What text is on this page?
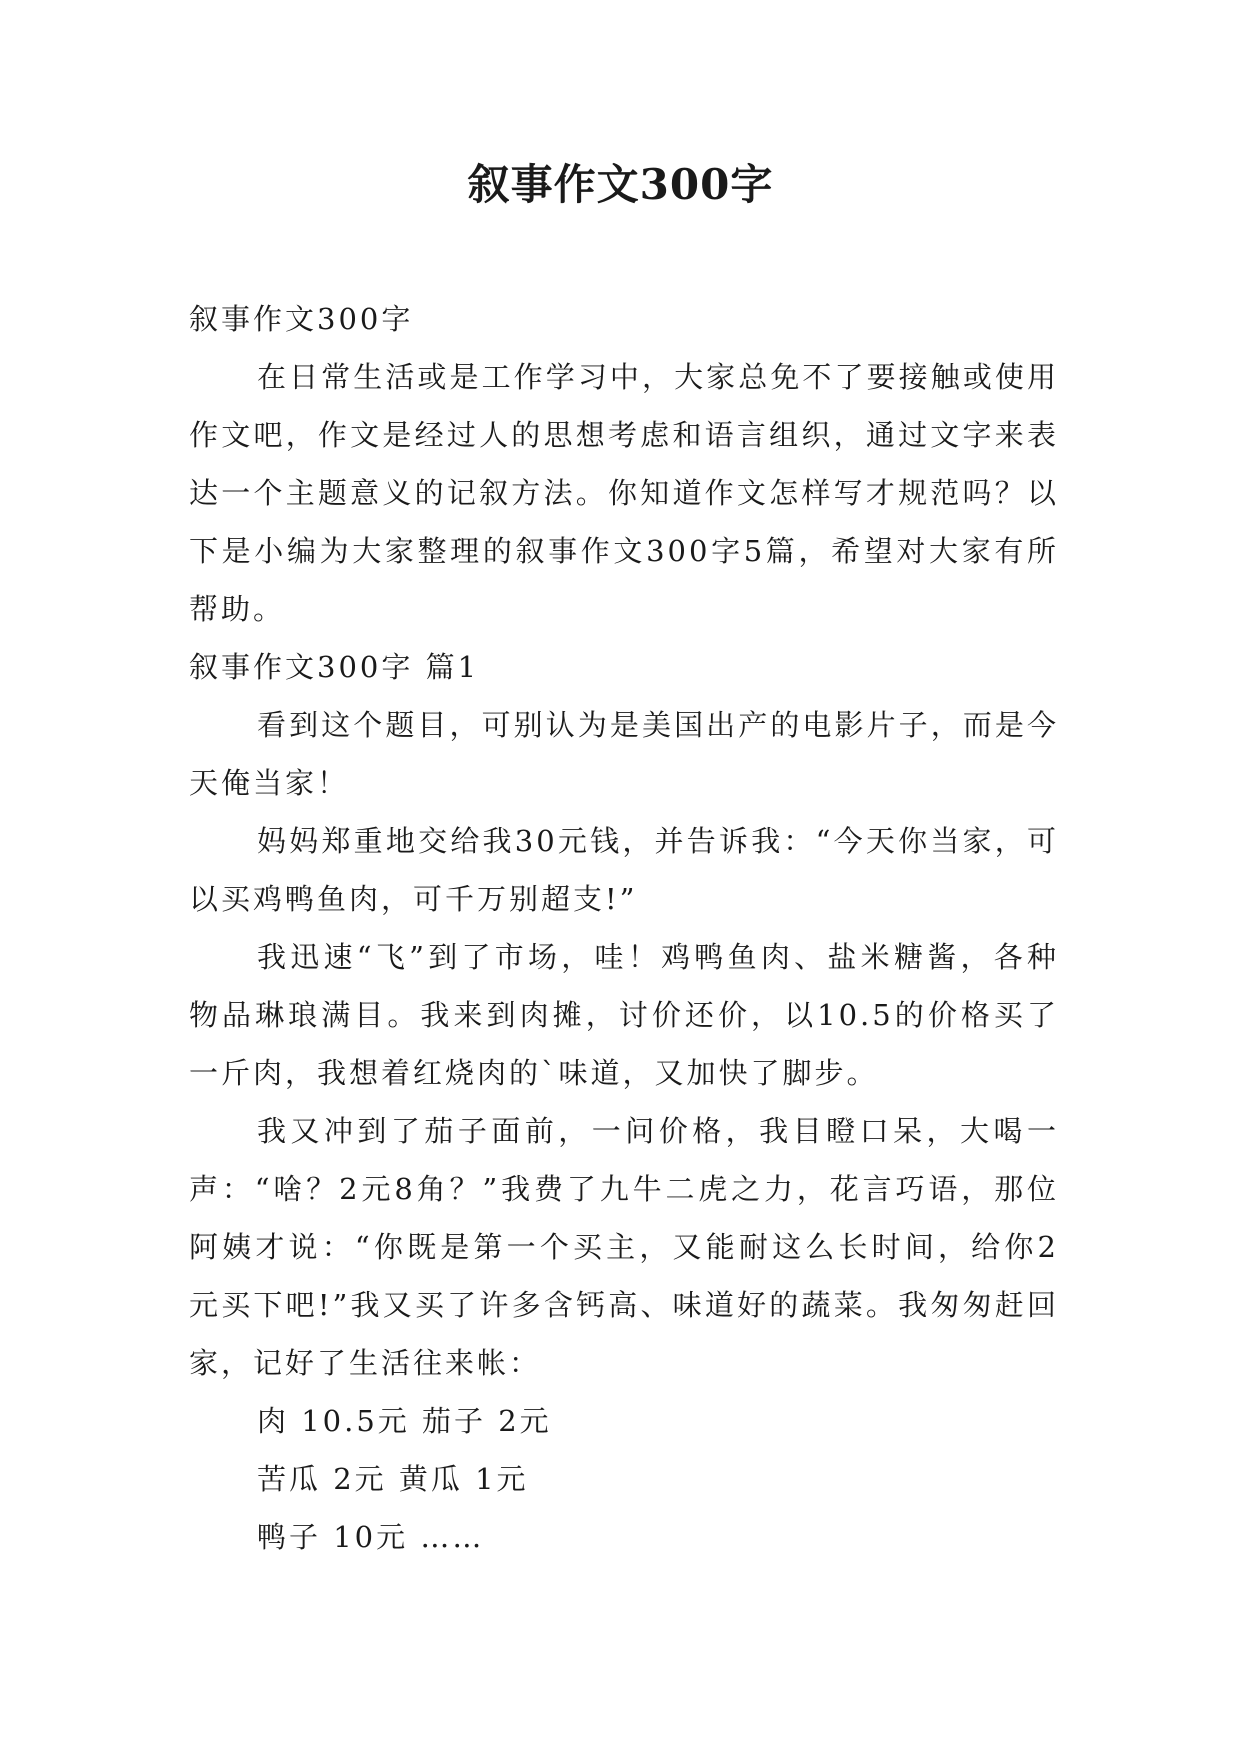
叙事作文300字
叙事作文300字

在日常生活或是工作学习中，大家总免不了要接触或使用作文吧，作文是经过人的思想考虑和语言组织，通过文字来表达一个主题意义的记叙方法。你知道作文怎样写才规范吗？以下是小编为大家整理的叙事作文300字5篇，希望对大家有所帮助。

叙事作文300字 篇1

看到这个题目，可别认为是美国出产的电影片子，而是今天俺当家！

妈妈郑重地交给我30元钱，并告诉我：“今天你当家，可以买鸡鸭鱼肉，可千万别超支!”

我迅速“飞”到了市场，哇！鸡鸭鱼肉、盐米糖酱，各种物品琳琅满目。我来到肉摊，讨价还价，以10.5的价格买了一斤肉，我想着红烧肉的`味道，又加快了脚步。

我又冲到了茄子面前，一问价格，我目瞪口呆，大喝一声：“啥？2元8角？”我费了九牛二虎之力，花言巧语，那位阿姨才说：“你既是第一个买主，又能耐这么长时间，给你2元买下吧!”我又买了许多含钙高、味道好的蔬菜。我匆匆赶回家，记好了生活往来帐：

肉 10.5元 茄子 2元
苦瓜 2元 黄瓜 1元
鸭子 10元 ……
